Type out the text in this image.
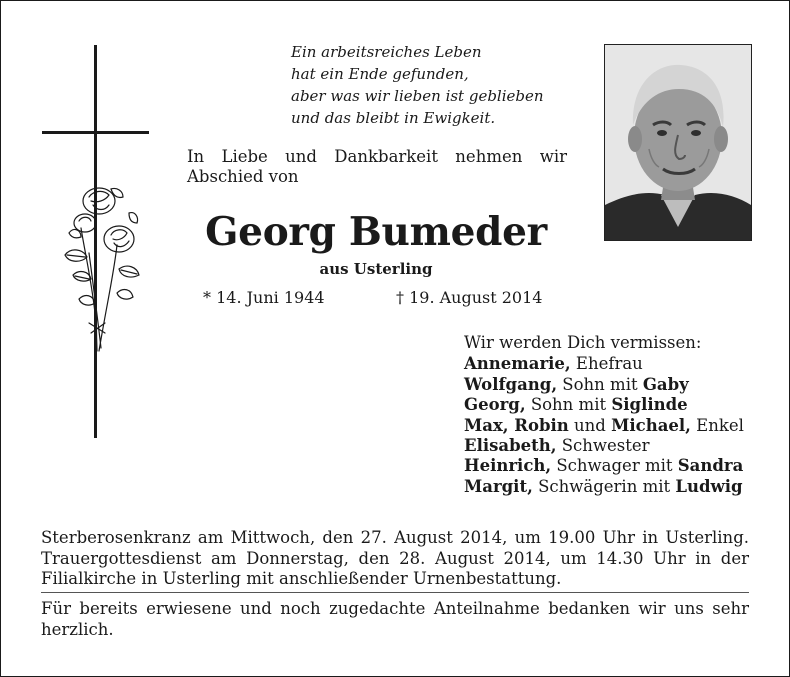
Ein arbeitsreiches Leben
hat ein Ende gefunden,
aber was wir lieben ist geblieben
und das bleibt in Ewigkeit.
In Liebe und Dankbarkeit nehmen wir
Abschied von
Georg Bumeder
aus Usterling
* 14. Juni 1944	† 19. August 2014
Wir werden Dich vermissen:
Annemarie, Ehefrau
Wolfgang, Sohn mit Gaby
Georg, Sohn mit Siglinde
Max, Robin und Michael, Enkel
Elisabeth, Schwester
Heinrich, Schwager mit Sandra
Margit, Schwägerin mit Ludwig
Sterberosenkranz am Mittwoch, den 27. August 2014, um 19.00 Uhr in Usterling.
Trauergottesdienst am Donnerstag, den 28. August 2014, um 14.30 Uhr in der
Filialkirche in Usterling mit anschließender Urnenbestattung.
Für bereits erwiesene und noch zugedachte Anteilnahme bedanken wir uns sehr
herzlich.
